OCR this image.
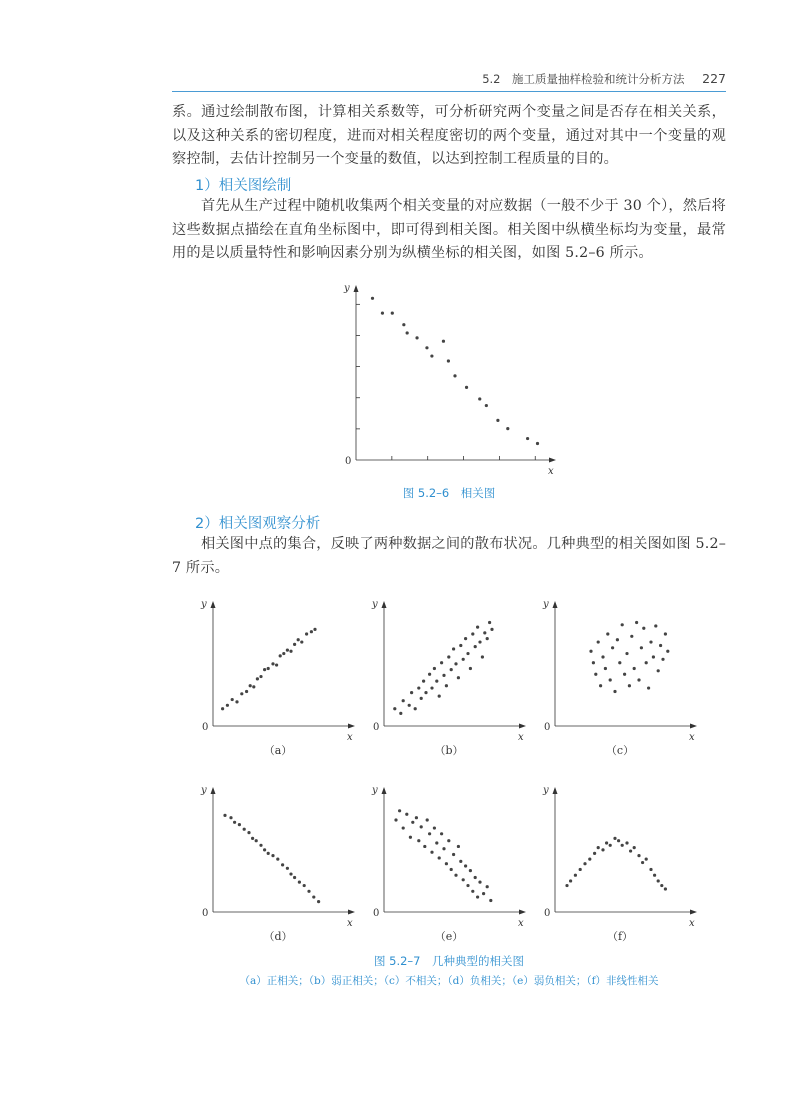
5.2　施工质量抽样检验和统计分析方法 227
系。通过绘制散布图，计算相关系数等，可分析研究两个变量之间是否存在相关关系，以及这种关系的密切程度，进而对相关程度密切的两个变量，通过对其中一个变量的观察控制，去估计控制另一个变量的数值，以达到控制工程质量的目的。
1）相关图绘制
首先从生产过程中随机收集两个相关变量的对应数据（一般不少于 30 个），然后将这些数据点描绘在直角坐标图中，即可得到相关图。相关图中纵横坐标均为变量，最常用的是以质量特性和影响因素分别为纵横坐标的相关图，如图 5.2–6 所示。
y
x
0
图 5.2–6　相关图
2）相关图观察分析
相关图中点的集合，反映了两种数据之间的散布状况。几种典型的相关图如图 5.2–7 所示。
y
x
0
y
x
0
y
x
0
（a）	（b）	（c）
y
x
0
y
x
0
y
x
0
（d）	（e）	（f）
图 5.2–7　几种典型的相关图
（a）正相关；（b）弱正相关；（c）不相关；（d）负相关；（e）弱负相关；（f）非线性相关
